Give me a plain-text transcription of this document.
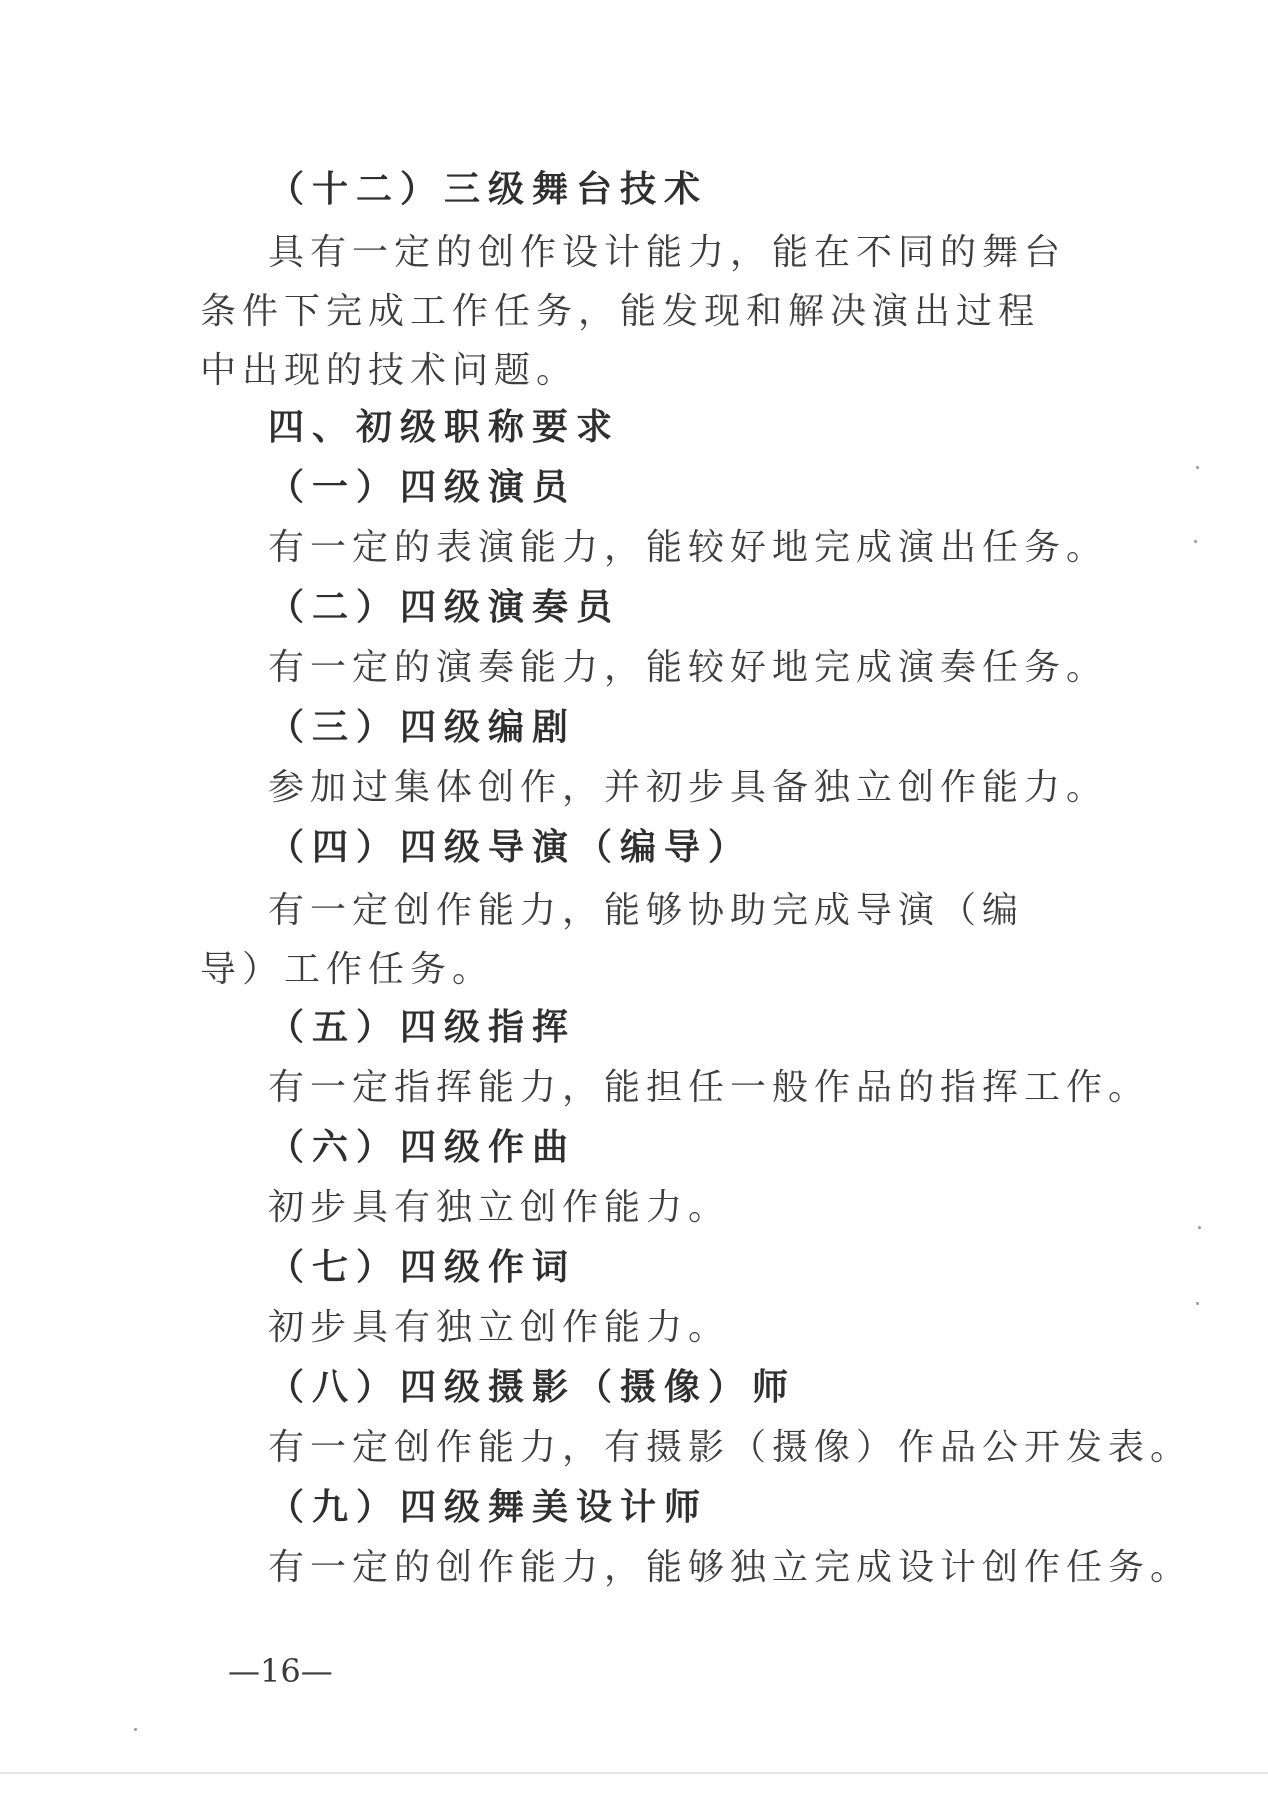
（十二）三级舞台技术
具有一定的创作设计能力，能在不同的舞台条件下完成工作任务，能发现和解决演出过程中出现的技术问题。
四、初级职称要求
（一）四级演员
有一定的表演能力，能较好地完成演出任务。
（二）四级演奏员
有一定的演奏能力，能较好地完成演奏任务。
（三）四级编剧
参加过集体创作，并初步具备独立创作能力。
（四）四级导演（编导）
有一定创作能力，能够协助完成导演（编导）工作任务。
（五）四级指挥
有一定指挥能力，能担任一般作品的指挥工作。
（六）四级作曲
初步具有独立创作能力。
（七）四级作词
初步具有独立创作能力。
（八）四级摄影（摄像）师
有一定创作能力，有摄影（摄像）作品公开发表。
（九）四级舞美设计师
有一定的创作能力，能够独立完成设计创作任务。
—16—
